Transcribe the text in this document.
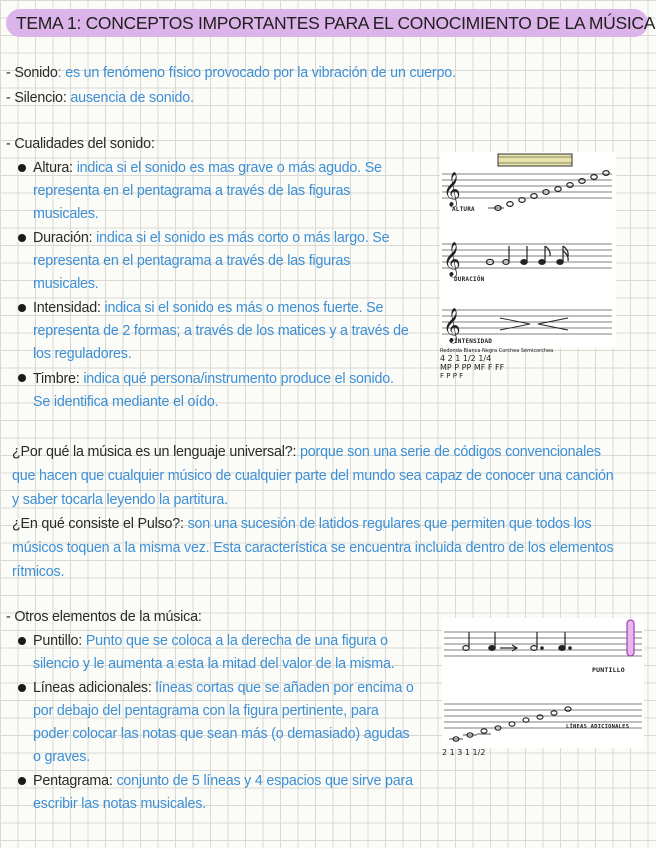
TEMA 1: CONCEPTOS IMPORTANTES PARA EL CONOCIMIENTO DE LA MÚSICA
- Sonido: es un fenómeno físico provocado por la vibración de un cuerpo.
- Silencio: ausencia de sonido.
- Cualidades del sonido:
Altura: indica si el sonido es mas grave o más agudo. Se
representa en el pentagrama a través de las figuras
musicales.
Duración: indica si el sonido es más corto o más largo. Se
representa en el pentagrama a través de las figuras
musicales.
Intensidad: indica si el sonido es más o menos fuerte. Se
representa de 2 formas; a través de los matices y a través de
los reguladores.
Timbre: indica qué persona/instrumento produce el sonido.
Se identifica mediante el oído.
𝄞
𝄞
𝄞
ALTURA
Redonda Blanca Negra Corchea Semicorchea
DURACIÓN
4 2 1 1/2 1/4
MP P PP MF F FF
F P P F
INTENSIDAD
¿Por qué la música es un lenguaje universal?: porque son una serie de códigos convencionales
que hacen que cualquier músico de cualquier parte del mundo sea capaz de conocer una canción
y saber tocarla leyendo la partitura.
¿En qué consiste el Pulso?: son una sucesión de latidos regulares que permiten que todos los
músicos toquen a la misma vez. Esta característica se encuentra incluida dentro de los elementos
rítmicos.
- Otros elementos de la música:
Puntillo: Punto que se coloca a la derecha de una figura o
silencio y le aumenta a esta la mitad del valor de la misma.
Líneas adicionales: líneas cortas que se añaden por encima o
por debajo del pentagrama con la figura pertinente, para
poder colocar las notas que sean más (o demasiado) agudas
o graves.
Pentagrama: conjunto de 5 líneas y 4 espacios que sirve para
escribir las notas musicales.
2 1 3 1 1/2
PUNTILLO
LÍNEAS ADICIONALES
